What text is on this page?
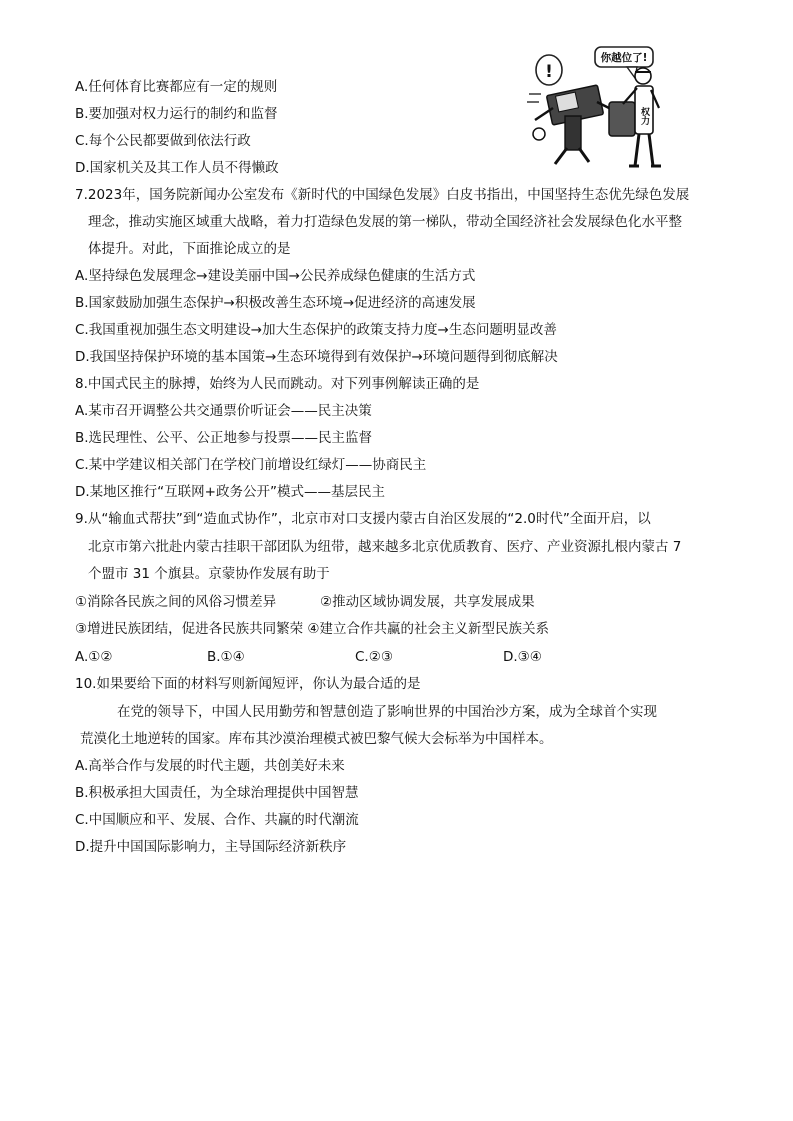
A.任何体育比赛都应有一定的规则
B.要加强对权力运行的制约和监督
C.每个公民都要做到依法行政
D.国家机关及其工作人员不得懒政
你越位了!
!
权力
7.2023年，国务院新闻办公室发布《新时代的中国绿色发展》白皮书指出，中国坚持生态优先绿色发展
理念，推动实施区域重大战略，着力打造绿色发展的第一梯队，带动全国经济社会发展绿色化水平整
体提升。对此，下面推论成立的是
A.坚持绿色发展理念→建设美丽中国→公民养成绿色健康的生活方式
B.国家鼓励加强生态保护→积极改善生态环境→促进经济的高速发展
C.我国重视加强生态文明建设→加大生态保护的政策支持力度→生态问题明显改善
D.我国坚持保护环境的基本国策→生态环境得到有效保护→环境问题得到彻底解决
8.中国式民主的脉搏，始终为人民而跳动。对下列事例解读正确的是
A.某市召开调整公共交通票价听证会——民主决策
B.选民理性、公平、公正地参与投票——民主监督
C.某中学建议相关部门在学校门前增设红绿灯——协商民主
D.某地区推行“互联网+政务公开”模式——基层民主
9.从“输血式帮扶”到“造血式协作”，北京市对口支援内蒙古自治区发展的“2.0时代”全面开启，以
北京市第六批赴内蒙古挂职干部团队为纽带，越来越多北京优质教育、医疗、产业资源扎根内蒙古 7
个盟市 31 个旗县。京蒙协作发展有助于
①消除各民族之间的风俗习惯差异	②推动区域协调发展，共享发展成果
③增进民族团结，促进各民族共同繁荣 ④建立合作共赢的社会主义新型民族关系
A.①②	B.①④	C.②③	D.③④
10.如果要给下面的材料写则新闻短评，你认为最合适的是
在党的领导下，中国人民用勤劳和智慧创造了影响世界的中国治沙方案，成为全球首个实现
荒漠化土地逆转的国家。库布其沙漠治理模式被巴黎气候大会标举为中国样本。
A.高举合作与发展的时代主题，共创美好未来
B.积极承担大国责任，为全球治理提供中国智慧
C.中国顺应和平、发展、合作、共赢的时代潮流
D.提升中国国际影响力，主导国际经济新秩序
